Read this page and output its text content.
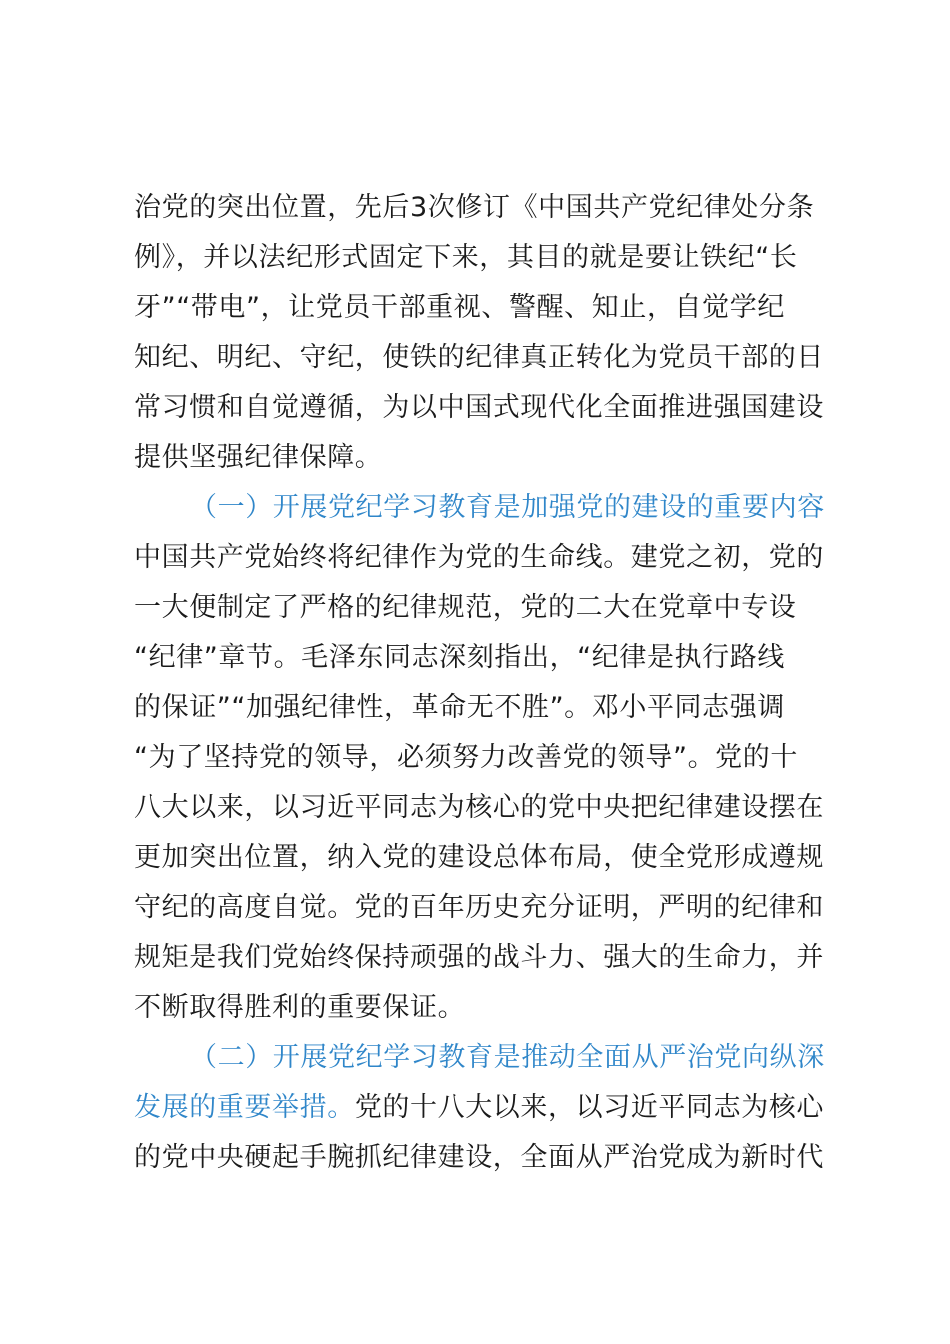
治党的突出位置，先后3次修订《中国共产党纪律处分条
例》，并以法纪形式固定下来，其目的就是要让铁纪“长
牙”“带电”，让党员干部重视、警醒、知止，自觉学纪
知纪、明纪、守纪，使铁的纪律真正转化为党员干部的日
常习惯和自觉遵循，为以中国式现代化全面推进强国建设
提供坚强纪律保障。
（一）开展党纪学习教育是加强党的建设的重要内容
中国共产党始终将纪律作为党的生命线。建党之初，党的
一大便制定了严格的纪律规范，党的二大在党章中专设
“纪律”章节。毛泽东同志深刻指出，“纪律是执行路线
的保证”“加强纪律性，革命无不胜”。邓小平同志强调
“为了坚持党的领导，必须努力改善党的领导”。党的十
八大以来，以习近平同志为核心的党中央把纪律建设摆在
更加突出位置，纳入党的建设总体布局，使全党形成遵规
守纪的高度自觉。党的百年历史充分证明，严明的纪律和
规矩是我们党始终保持顽强的战斗力、强大的生命力，并
不断取得胜利的重要保证。
（二）开展党纪学习教育是推动全面从严治党向纵深
发展的重要举措。党的十八大以来，以习近平同志为核心
的党中央硬起手腕抓纪律建设，全面从严治党成为新时代
